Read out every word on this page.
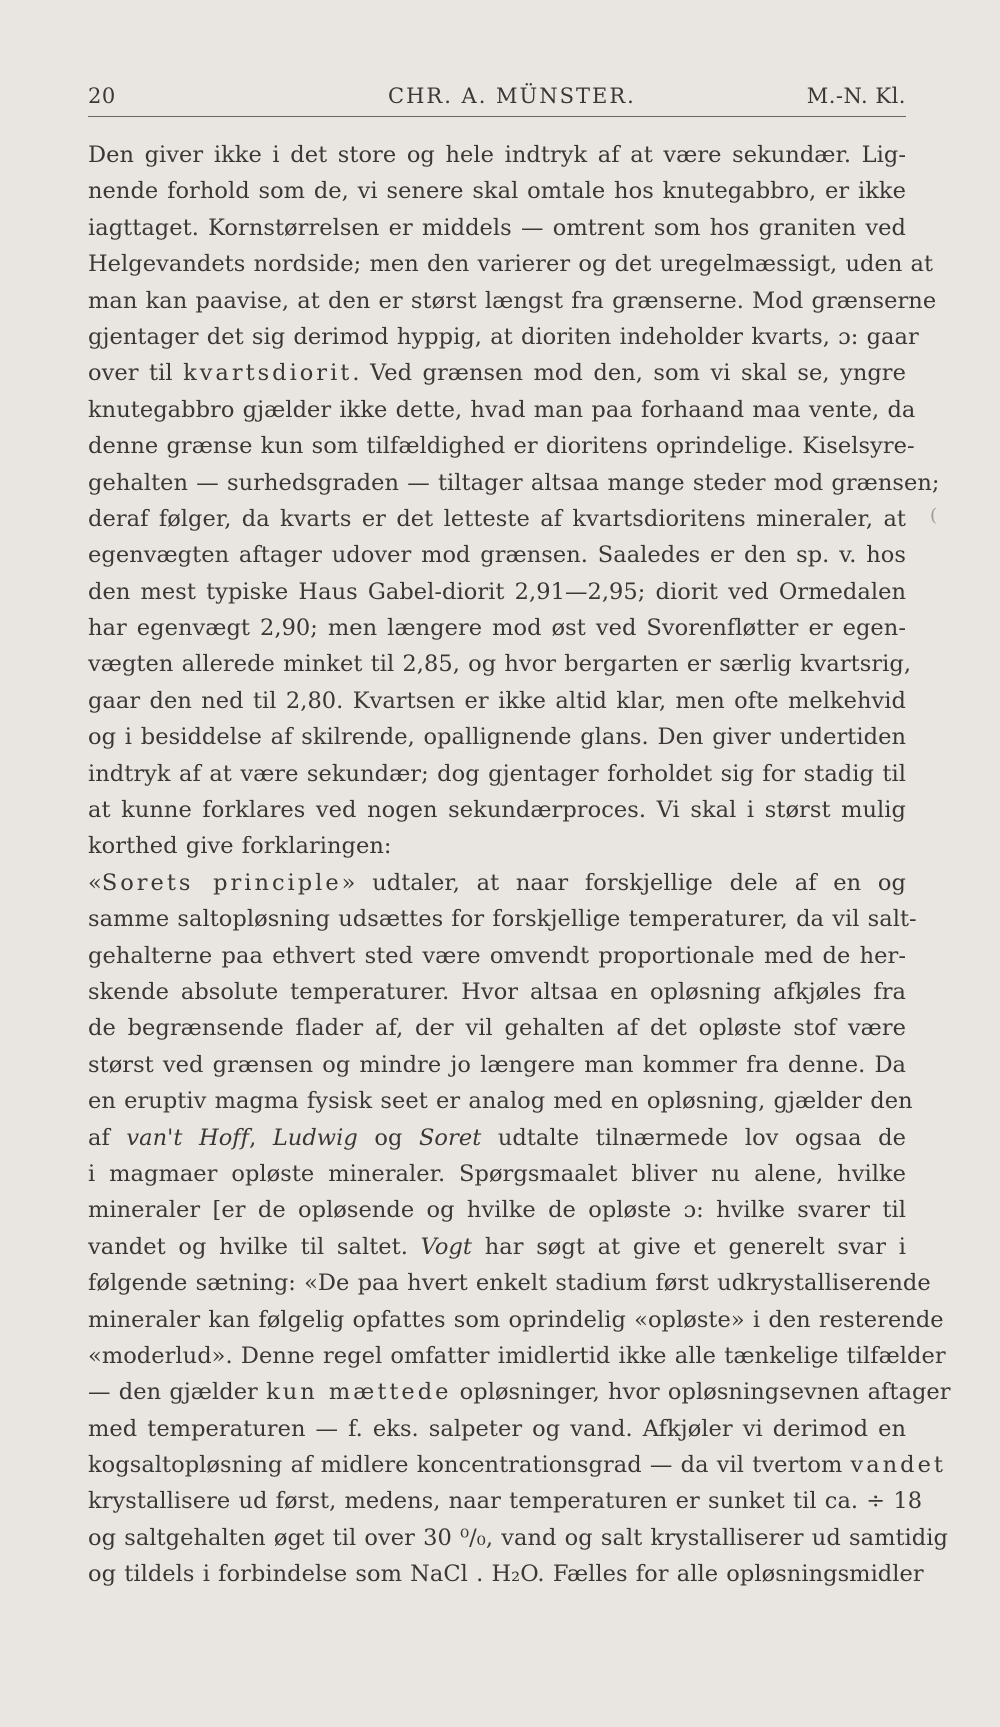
20	CHR. A. MÜNSTER.	M.-N. Kl.
(
Den giver ikke i det store og hele indtryk af at være sekundær. Lig-
nende forhold som de, vi senere skal omtale hos knutegabbro, er ikke
iagttaget. Kornstørrelsen er middels — omtrent som hos graniten ved
Helgevandets nordside; men den varierer og det uregelmæssigt, uden at
man kan paavise, at den er størst længst fra grænserne. Mod grænserne
gjentager det sig derimod hyppig, at dioriten indeholder kvarts, ɔ: gaar
over til kvartsdiorit. Ved grænsen mod den, som vi skal se, yngre
knutegabbro gjælder ikke dette, hvad man paa forhaand maa vente, da
denne grænse kun som tilfældighed er dioritens oprindelige. Kiselsyre-
gehalten — surhedsgraden — tiltager altsaa mange steder mod grænsen;
deraf følger, da kvarts er det letteste af kvartsdioritens mineraler, at
egenvægten aftager udover mod grænsen. Saaledes er den sp. v. hos
den mest typiske Haus Gabel-diorit 2,91—2,95; diorit ved Ormedalen
har egenvægt 2,90; men længere mod øst ved Svorenfløtter er egen-
vægten allerede minket til 2,85, og hvor bergarten er særlig kvartsrig,
gaar den ned til 2,80. Kvartsen er ikke altid klar, men ofte melkehvid
og i besiddelse af skilrende, opallignende glans. Den giver undertiden
indtryk af at være sekundær; dog gjentager forholdet sig for stadig til
at kunne forklares ved nogen sekundærproces. Vi skal i størst mulig
korthed give forklaringen:
«Sorets principle» udtaler, at naar forskjellige dele af en og
samme saltopløsning udsættes for forskjellige temperaturer, da vil salt-
gehalterne paa ethvert sted være omvendt proportionale med de her-
skende absolute temperaturer. Hvor altsaa en opløsning afkjøles fra
de begrænsende flader af, der vil gehalten af det opløste stof være
størst ved grænsen og mindre jo længere man kommer fra denne. Da
en eruptiv magma fysisk seet er analog med en opløsning, gjælder den
af van't Hoff, Ludwig og Soret udtalte tilnærmede lov ogsaa de
i magmaer opløste mineraler. Spørgsmaalet bliver nu alene, hvilke
mineraler [er de opløsende og hvilke de opløste ɔ: hvilke svarer til
vandet og hvilke til saltet. Vogt har søgt at give et generelt svar i
følgende sætning: «De paa hvert enkelt stadium først udkrystalliserende
mineraler kan følgelig opfattes som oprindelig «opløste» i den resterende
«moderlud». Denne regel omfatter imidlertid ikke alle tænkelige tilfælder
— den gjælder kun mættede opløsninger, hvor opløsningsevnen aftager
med temperaturen — f. eks. salpeter og vand. Afkjøler vi derimod en
kogsaltopløsning af midlere koncentrationsgrad — da vil tvertom vandet
krystallisere ud først, medens, naar temperaturen er sunket til ca. ÷ 18
og saltgehalten øget til over 30 ⁰/₀, vand og salt krystalliserer ud samtidig
og tildels i forbindelse som NaCl . H₂O. Fælles for alle opløsningsmidler
